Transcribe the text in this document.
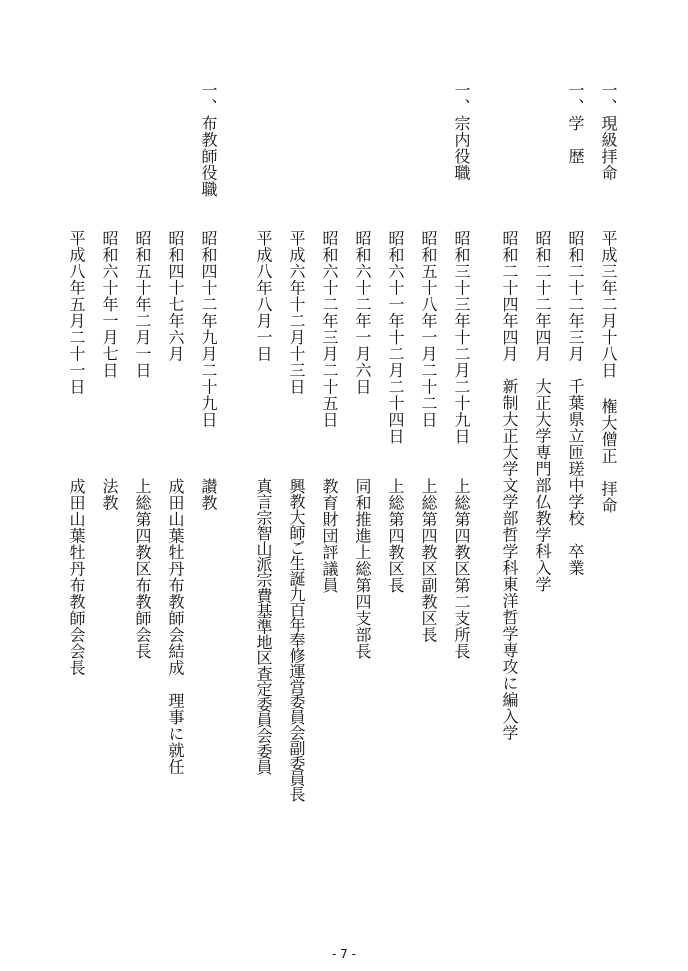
一、現級拝命
平成三年二月十八日
権大僧正　拝命
一、学　歴
昭和二十二年三月
千葉県立匝瑳中学校　卒業
昭和二十二年四月
大正大学専門部仏教学科入学
昭和二十四年四月
新制大正大学文学部哲学科東洋哲学専攻に編入学
一、宗内役職
昭和三十三年十二月二十九日
上総第四教区第二支所長
昭和五十八年一月二十二日
上総第四教区副教区長
昭和六十一年十二月二十四日
上総第四教区長
昭和六十二年一月六日
同和推進上総第四支部長
昭和六十二年三月二十五日
教育財団評議員
平成六年十二月十三日
興教大師ご生誕九百年奉修運営委員会副委員長
平成八年八月一日
真言宗智山派宗費基準地区査定委員会委員
一、布教師役職
昭和四十二年九月二十九日
讃教
昭和四十七年六月
成田山葉牡丹布教師会結成　理事に就任
昭和五十年二月一日
上総第四教区布教師会長
昭和六十年一月七日
法教
平成八年五月二十一日
成田山葉牡丹布教師会会長
- 7 -
